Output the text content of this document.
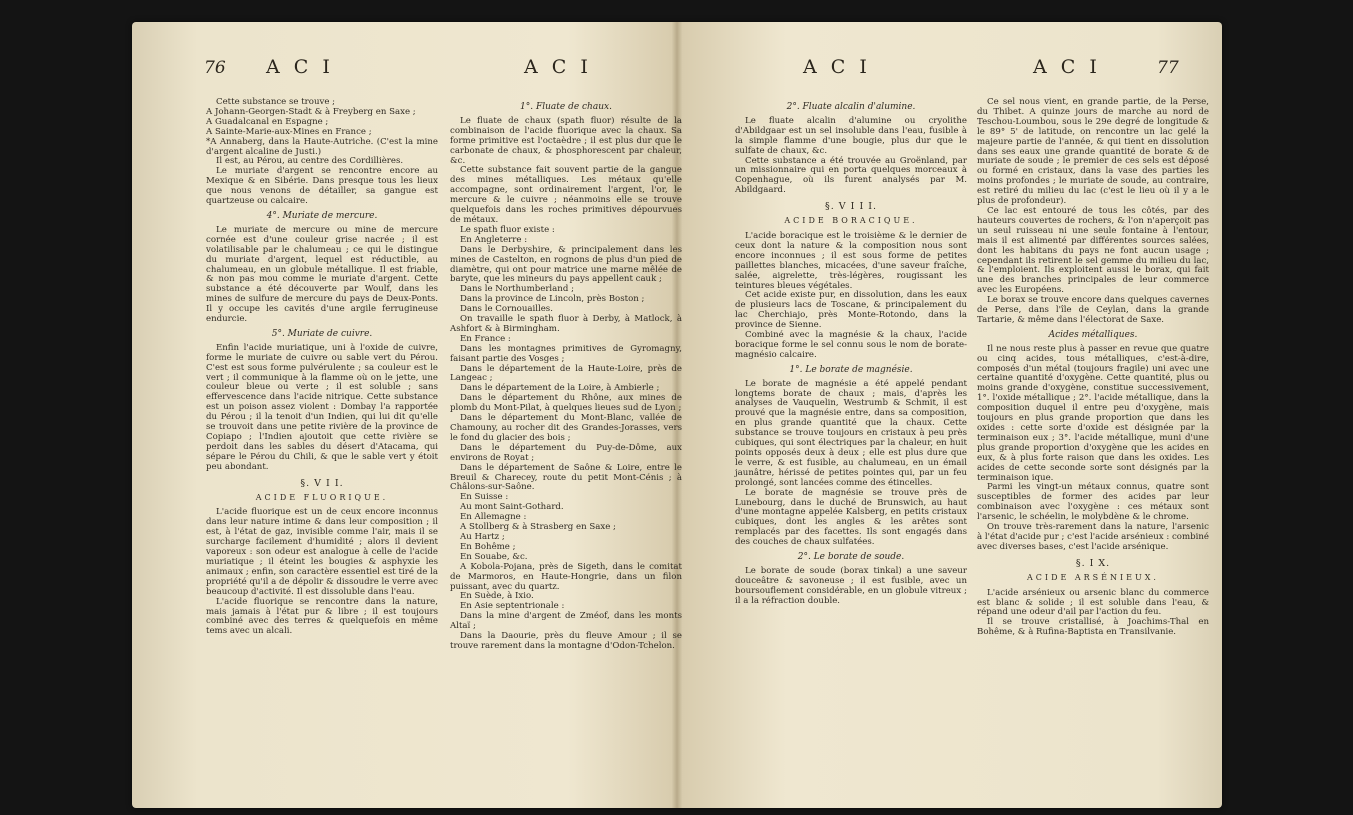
76 A C I	A C I

Cette substance se trouve ;

A Johann-Georgen-Stadt & à Freyberg en Saxe ;

A Guadalcanal en Espagne ;

A Sainte-Marie-aux-Mines en France ;

*A Annaberg, dans la Haute-Autriche. (C'est la mine d'argent alcaline de Justi.)

Il est, au Pérou, au centre des Cordillières.

Le muriate d'argent se rencontre encore au Mexique & en Sibérie. Dans presque tous les lieux que nous venons de détailler, sa gangue est quartzeuse ou calcaire.

4°. Muriate de mercure.

Le muriate de mercure ou mine de mercure cornée est d'une couleur grise nacrée ; il est volatilisable par le chalumeau ; ce qui le distingue du muriate d'argent, lequel est réductible, au chalumeau, en un globule métallique. Il est friable, & non pas mou comme le muriate d'argent. Cette substance a été découverte par Woulf, dans les mines de sulfure de mercure du pays de Deux-Ponts. Il y occupe les cavités d'une argile ferrugineuse endurcie.

5°. Muriate de cuivre.

Enfin l'acide muriatique, uni à l'oxide de cuivre, forme le muriate de cuivre ou sable vert du Pérou. C'est est sous forme pulvérulente ; sa couleur est le vert ; il communique à la flamme où on le jette, une couleur bleue ou verte ; il est soluble ; sans effervescence dans l'acide nitrique. Cette substance est un poison assez violent : Dombay l'a rapportée du Pérou ; il la tenoit d'un Indien, qui lui dit qu'elle se trouvoit dans une petite rivière de la province de Copiapo ; l'Indien ajoutoit que cette rivière se perdoit dans les sables du désert d'Atacama, qui sépare le Pérou du Chili, & que le sable vert y étoit peu abondant.

§. V I I.
ACIDE FLUORIQUE.

L'acide fluorique est un de ceux encore inconnus dans leur nature intime & dans leur composition ; il est, à l'état de gaz, invisible comme l'air, mais il se surcharge facilement d'humidité ; alors il devient vaporeux : son odeur est analogue à celle de l'acide muriatique ; il éteint les bougies & asphyxie les animaux ; enfin, son caractère essentiel est tiré de la propriété qu'il a de dépolir & dissoudre le verre avec beaucoup d'activité. Il est dissoluble dans l'eau.

L'acide fluorique se rencontre dans la nature, mais jamais à l'état pur & libre ; il est toujours combiné avec des terres & quelquefois en même tems avec un alcali.

1°. Fluate de chaux.

Le fluate de chaux (spath fluor) résulte de la combinaison de l'acide fluorique avec la chaux. Sa forme primitive est l'octaèdre ; il est plus dur que le carbonate de chaux, & phosphorescent par chaleur, &c.

Cette substance fait souvent partie de la gangue des mines métalliques. Les métaux qu'elle accompagne, sont ordinairement l'argent, l'or, le mercure & le cuivre ; néanmoins elle se trouve quelquefois dans les roches primitives dépourvues de métaux.

Le spath fluor existe :

En Angleterre :

Dans le Derbyshire, & principalement dans les mines de Castelton, en rognons de plus d'un pied de diamètre, qui ont pour matrice une marne mêlée de baryte, que les mineurs du pays appellent cauk ;

Dans le Northumberland ;

Dans la province de Lincoln, près Boston ;

Dans le Cornouailles.

On travaille le spath fluor à Derby, à Matlock, à Ashfort & à Birmingham.

En France :

Dans les montagnes primitives de Gyromagny, faisant partie des Vosges ;

Dans le département de la Haute-Loire, près de Langeac ;

Dans le département de la Loire, à Ambierle ;

Dans le département du Rhône, aux mines de plomb du Mont-Pilat, à quelques lieues sud de Lyon ;

Dans le département du Mont-Blanc, vallée de Chamouny, au rocher dit des Grandes-Jorasses, vers le fond du glacier des bois ;

Dans le département du Puy-de-Dôme, aux environs de Royat ;

Dans le département de Saône & Loire, entre le Breuil & Charecey, route du petit Mont-Cénis ; à Châlons-sur-Saône.

En Suisse :

Au mont Saint-Gothard.

En Allemagne :

A Stollberg & à Strasberg en Saxe ;

Au Hartz ;

En Bohême ;

En Souabe, &c.

A Kobola-Pojana, près de Sigeth, dans le comitat de Marmoros, en Haute-Hongrie, dans un filon puissant, avec du quartz.

En Suède, à Ixio.

En Asie septentrionale :

Dans la mine d'argent de Zméof, dans les monts Altaï ;

Dans la Daourie, près du fleuve Amour ; il se trouve rarement dans la montagne d'Odon-Tchelon.

A C I	A C I	77
2°. Fluate alcalin d'alumine.

Le fluate alcalin d'alumine ou cryolithe d'Abildgaar est un sel insoluble dans l'eau, fusible à la simple flamme d'une bougie, plus dur que le sulfate de chaux, &c.

Cette substance a été trouvée au Groënland, par un missionnaire qui en porta quelques morceaux à Copenhague, où ils furent analysés par M. Abildgaard.

§. V I I I.
ACIDE BORACIQUE.

L'acide boracique est le troisième & le dernier de ceux dont la nature & la composition nous sont encore inconnues ; il est sous forme de petites paillettes blanches, micacées, d'une saveur fraîche, salée, aigrelette, très-légères, rougissant les teintures bleues végétales.

Cet acide existe pur, en dissolution, dans les eaux de plusieurs lacs de Toscane, & principalement du lac Cherchiajo, près Monte-Rotondo, dans la province de Sienne.

Combiné avec la magnésie & la chaux, l'acide boracique forme le sel connu sous le nom de borate-magnésio calcaire.

1°. Le borate de magnésie.

Le borate de magnésie a été appelé pendant longtems borate de chaux ; mais, d'après les analyses de Vauquelin, Westrumb & Schmit, il est prouvé que la magnésie entre, dans sa composition, en plus grande quantité que la chaux. Cette substance se trouve toujours en cristaux à peu près cubiques, qui sont électriques par la chaleur, en huit points opposés deux à deux ; elle est plus dure que le verre, & est fusible, au chalumeau, en un émail jaunâtre, hérissé de petites pointes qui, par un feu prolongé, sont lancées comme des étincelles.

Le borate de magnésie se trouve près de Lunebourg, dans le duché de Brunswich, au haut d'une montagne appelée Kalsberg, en petits cristaux cubiques, dont les angles & les arêtes sont remplacés par des facettes. Ils sont engagés dans des couches de chaux sulfatées.

2°. Le borate de soude.

Le borate de soude (borax tinkal) a une saveur douceâtre & savoneuse ; il est fusible, avec un boursouflement considérable, en un globule vitreux ; il a la réfraction double.

Ce sel nous vient, en grande partie, de la Perse, du Thibet. A quinze jours de marche au nord de Teschou-Loumbou, sous le 29e degré de longitude & le 89° 5' de latitude, on rencontre un lac gelé la majeure partie de l'année, & qui tient en dissolution dans ses eaux une grande quantité de borate & de muriate de soude ; le premier de ces sels est déposé ou formé en cristaux, dans la vase des parties les moins profondes ; le muriate de soude, au contraire, est retiré du milieu du lac (c'est le lieu où il y a le plus de profondeur).

Ce lac est entouré de tous les côtés, par des hauteurs couvertes de rochers, & l'on n'aperçoit pas un seul ruisseau ni une seule fontaine à l'entour, mais il est alimenté par différentes sources salées, dont les habitans du pays ne font aucun usage ; cependant ils retirent le sel gemme du milieu du lac, & l'emploient. Ils exploitent aussi le borax, qui fait une des branches principales de leur commerce avec les Européens.

Le borax se trouve encore dans quelques cavernes de Perse, dans l'île de Ceylan, dans la grande Tartarie, & même dans l'électorat de Saxe.

Acides métalliques.

Il ne nous reste plus à passer en revue que quatre ou cinq acides, tous métalliques, c'est-à-dire, composés d'un métal (toujours fragile) uni avec une certaine quantité d'oxygène. Cette quantité, plus ou moins grande d'oxygène, constitue successivement, 1°. l'oxide métallique ; 2°. l'acide métallique, dans la composition duquel il entre peu d'oxygène, mais toujours en plus grande proportion que dans les oxides : cette sorte d'oxide est désignée par la terminaison eux ; 3°. l'acide métallique, muni d'une plus grande proportion d'oxygène que les acides en eux, & à plus forte raison que dans les oxides. Les acides de cette seconde sorte sont désignés par la terminaison ique.

Parmi les vingt-un métaux connus, quatre sont susceptibles de former des acides par leur combinaison avec l'oxygène : ces métaux sont l'arsenic, le schéelin, le molybdène & le chrome.

On trouve très-rarement dans la nature, l'arsenic à l'état d'acide pur ; c'est l'acide arsénieux : combiné avec diverses bases, c'est l'acide arsénique.

§. I X.
ACIDE ARSÉNIEUX.

L'acide arsénieux ou arsenic blanc du commerce est blanc & solide ; il est soluble dans l'eau, & répand une odeur d'ail par l'action du feu.

Il se trouve cristallisé, à Joachims-Thal en Bohême, & à Rufina-Baptista en Transilvanie.
